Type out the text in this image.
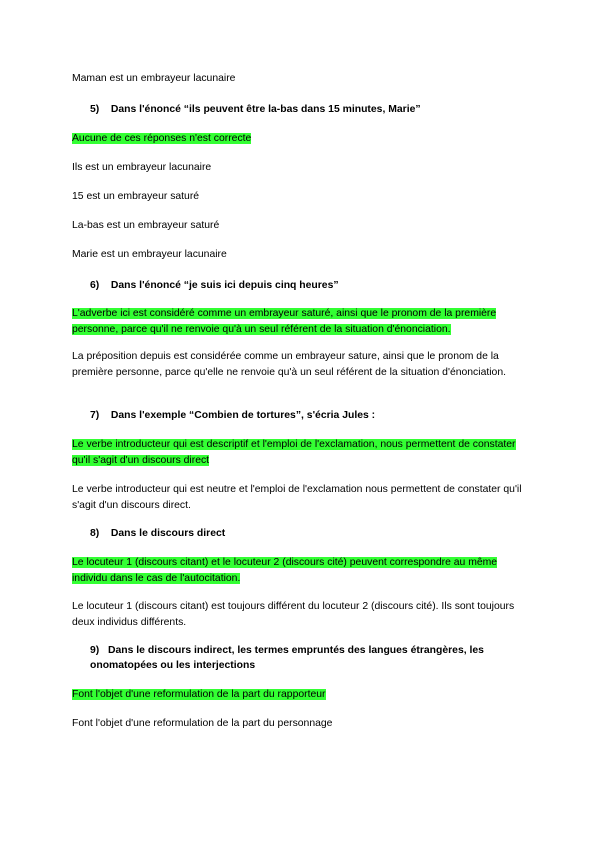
Maman est un embrayeur lacunaire
5) Dans l'énoncé “ils peuvent être la-bas dans 15 minutes, Marie”
Aucune de ces réponses n'est correcte
Ils est un embrayeur lacunaire
15 est un embrayeur saturé
La-bas est un embrayeur saturé
Marie est un embrayeur lacunaire
6) Dans l'énoncé “je suis ici depuis cinq heures”
L'adverbe ici est considéré comme un embrayeur saturé, ainsi que le pronom de la première personne, parce qu'il ne renvoie qu'à un seul référent de la situation d'énonciation.
La préposition depuis est considérée comme un embrayeur sature, ainsi que le pronom de la première personne, parce qu'elle ne renvoie qu'à un seul référent de la situation d'énonciation.
7) Dans l'exemple “Combien de tortures”, s'écria Jules :
Le verbe introducteur qui est descriptif et l'emploi de l'exclamation, nous permettent de constater qu'il s'agit d'un discours direct
Le verbe introducteur qui est neutre et l'emploi de l'exclamation nous permettent de constater qu'il s'agit d'un discours direct.
8) Dans le discours direct
Le locuteur 1 (discours citant) et le locuteur 2 (discours cité) peuvent correspondre au même individu dans le cas de l'autocitation.
Le locuteur 1 (discours citant) est toujours différent du locuteur 2 (discours cité). Ils sont toujours deux individus différents.
9) Dans le discours indirect, les termes empruntés des langues étrangères, les onomatopées ou les interjections
Font l'objet d'une reformulation de la part du rapporteur
Font l'objet d'une reformulation de la part du personnage
